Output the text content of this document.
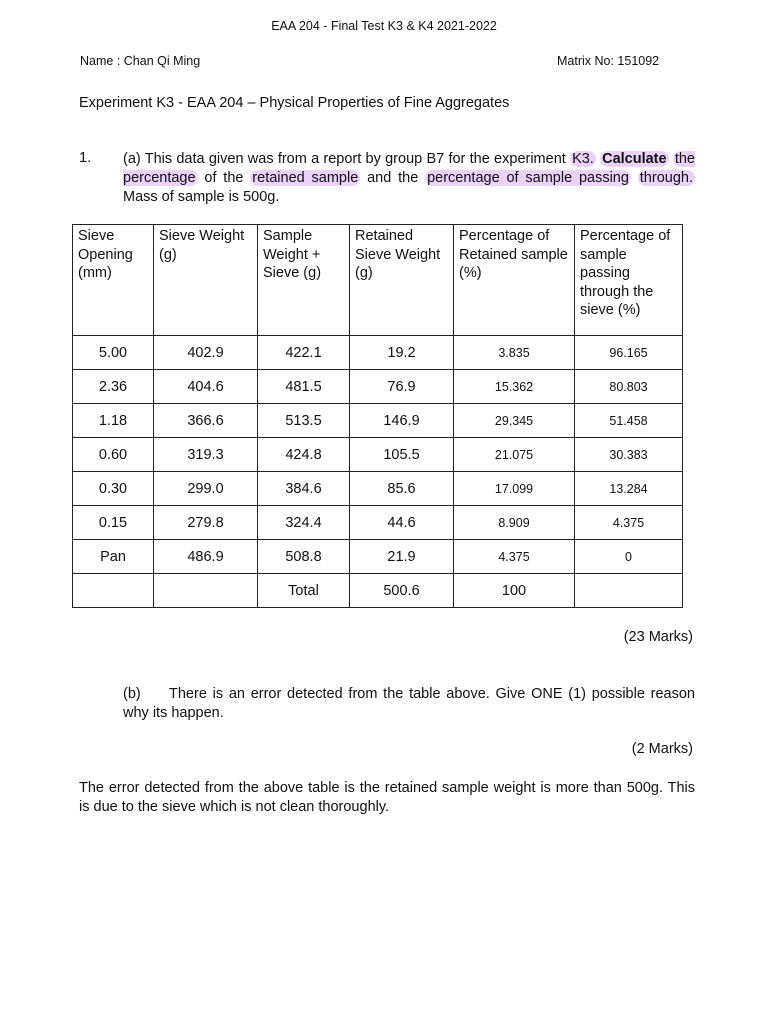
EAA 204 - Final Test K3 & K4 2021-2022
Name : Chan Qi Ming	Matrix No: 151092
Experiment K3 - EAA 204 – Physical Properties of Fine Aggregates
1. (a) This data given was from a report by group B7 for the experiment K3. Calculate the percentage of the retained sample and the percentage of sample passing through. Mass of sample is 500g.
Sieve Opening (mm)	Sieve Weight (g)	Sample Weight + Sieve (g)	Retained Sieve Weight (g)	Percentage of Retained sample (%)	Percentage of sample passing through the sieve (%)
5.00	402.9	422.1	19.2	3.835	96.165
2.36	404.6	481.5	76.9	15.362	80.803
1.18	366.6	513.5	146.9	29.345	51.458
0.60	319.3	424.8	105.5	21.075	30.383
0.30	299.0	384.6	85.6	17.099	13.284
0.15	279.8	324.4	44.6	8.909	4.375
Pan	486.9	508.8	21.9	4.375	0
		Total	500.6	100	
(23 Marks)
(b) There is an error detected from the table above. Give ONE (1) possible reason why its happen.
(2 Marks)
The error detected from the above table is the retained sample weight is more than 500g. This is due to the sieve which is not clean thoroughly.
